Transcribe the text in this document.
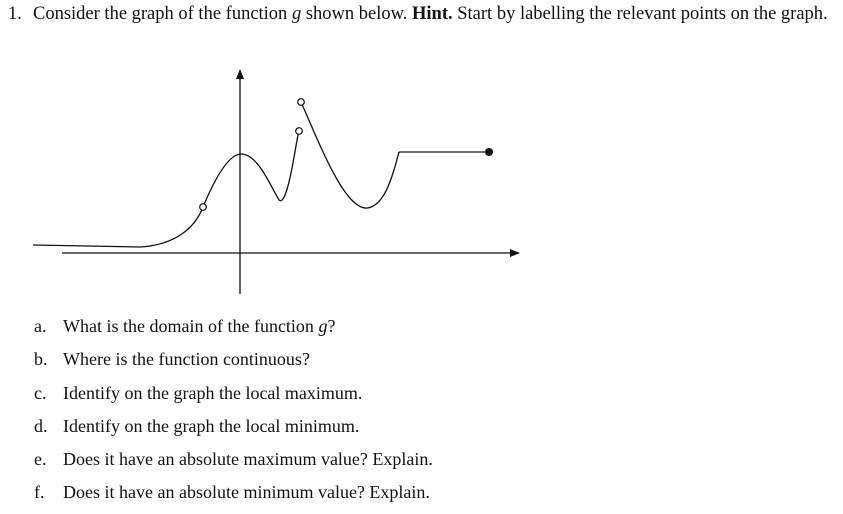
1. Consider the graph of the function g shown below. Hint. Start by labelling the relevant points on the graph.
a. What is the domain of the function g?
b. Where is the function continuous?
c. Identify on the graph the local maximum.
d. Identify on the graph the local minimum.
e. Does it have an absolute maximum value? Explain.
f.	Does it have an absolute minimum value? Explain.
